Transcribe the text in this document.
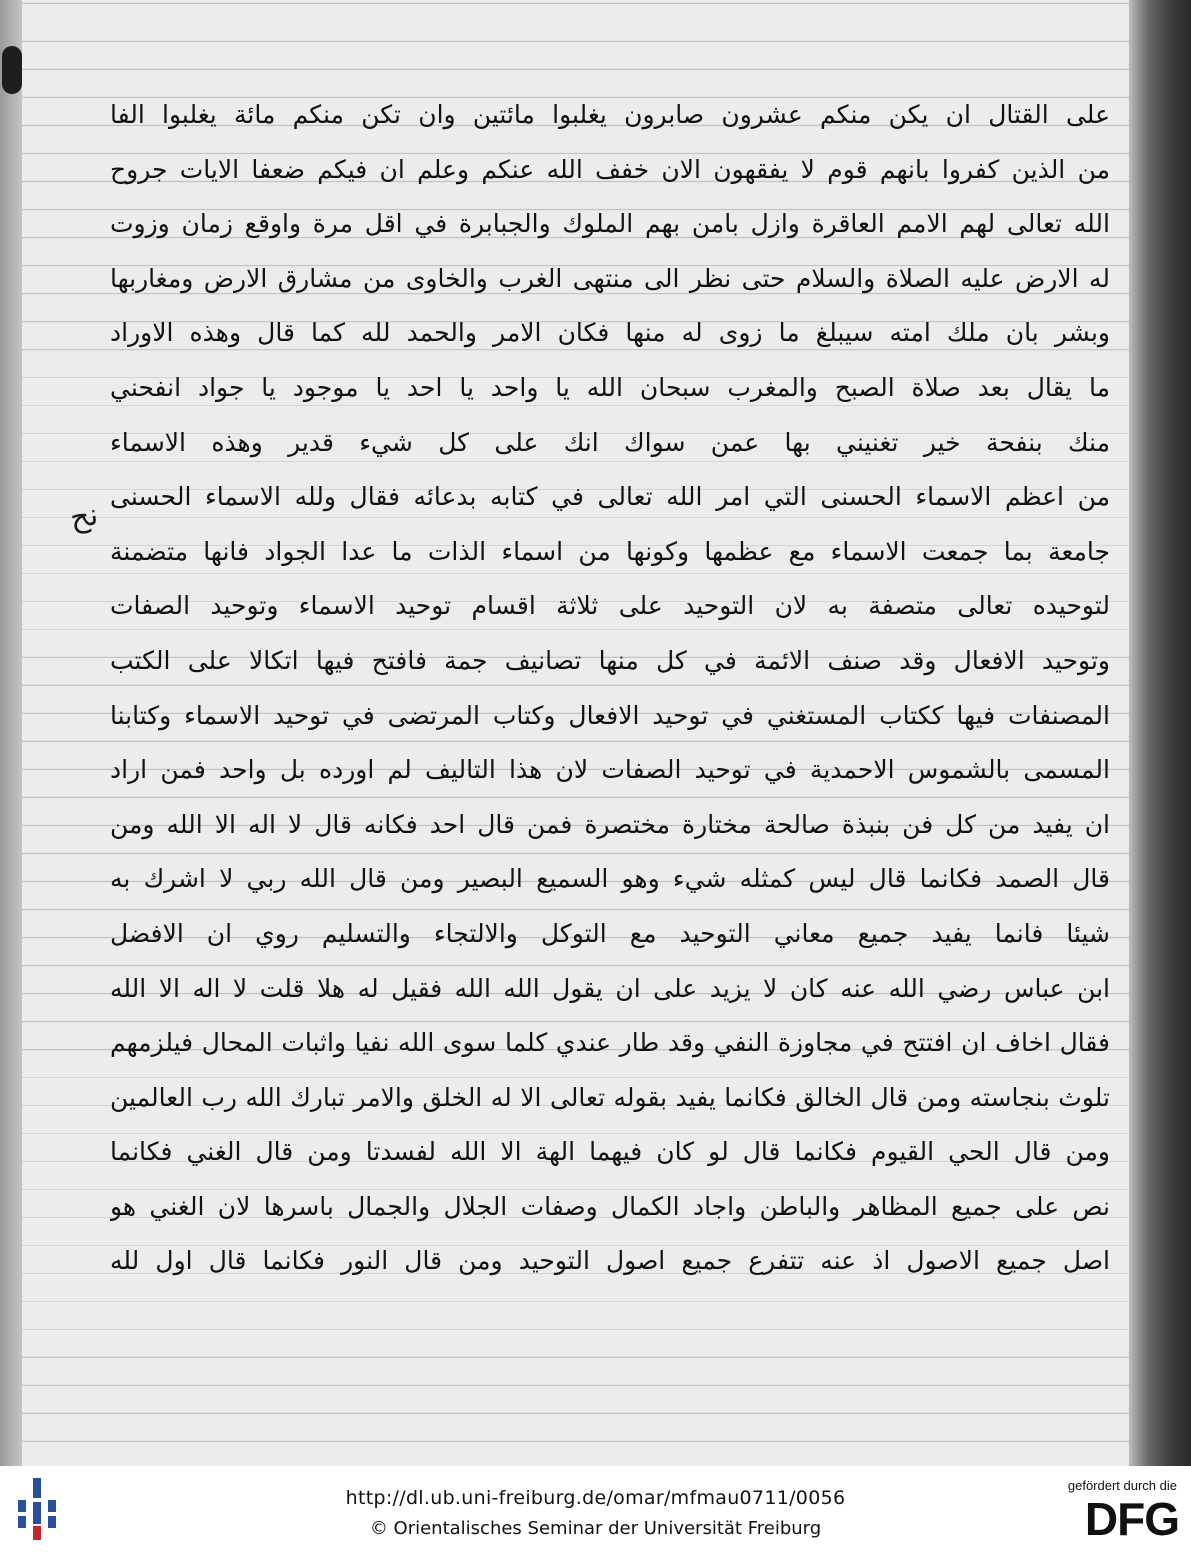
نح
على القتال ان يكن منكم عشرون صابرون يغلبوا مائتين وان تكن منكم مائة يغلبوا الفا
من الذين كفروا بانهم قوم لا يفقهون الان خفف الله عنكم وعلم ان فيكم ضعفا الايات جروح
الله تعالى لهم الامم العاقرة وازل بامن بهم الملوك والجبابرة في اقل مرة واوقع زمان وزوت
له الارض عليه الصلاة والسلام حتى نظر الى منتهى الغرب والخاوى من مشارق الارض ومغاربها
وبشر بان ملك امته سيبلغ ما زوى له منها فكان الامر والحمد لله كما قال وهذه الاوراد
ما يقال بعد صلاة الصبح والمغرب سبحان الله يا واحد يا احد يا موجود يا جواد انفحني
منك بنفحة خير تغنيني بها عمن سواك انك على كل شيء قدير وهذه الاسماء
من اعظم الاسماء الحسنى التي امر الله تعالى في كتابه بدعائه فقال ولله الاسماء الحسنى
جامعة بما جمعت الاسماء مع عظمها وكونها من اسماء الذات ما عدا الجواد فانها متضمنة
لتوحيده تعالى متصفة به لان التوحيد على ثلاثة اقسام توحيد الاسماء وتوحيد الصفات
وتوحيد الافعال وقد صنف الائمة في كل منها تصانيف جمة فافتح فيها اتكالا على الكتب
المصنفات فيها ككتاب المستغني في توحيد الافعال وكتاب المرتضى في توحيد الاسماء وكتابنا
المسمى بالشموس الاحمدية في توحيد الصفات لان هذا التاليف لم اورده بل واحد فمن اراد
ان يفيد من كل فن بنبذة صالحة مختارة مختصرة فمن قال احد فكانه قال لا اله الا الله ومن
قال الصمد فكانما قال ليس كمثله شيء وهو السميع البصير ومن قال الله ربي لا اشرك به
شيئا فانما يفيد جميع معاني التوحيد مع التوكل والالتجاء والتسليم روي ان الافضل
ابن عباس رضي الله عنه كان لا يزيد على ان يقول الله الله فقيل له هلا قلت لا اله الا الله
فقال اخاف ان افتتح في مجاوزة النفي وقد طار عندي كلما سوى الله نفيا واثبات المحال فيلزمهم
تلوث بنجاسته ومن قال الخالق فكانما يفيد بقوله تعالى الا له الخلق والامر تبارك الله رب العالمين
ومن قال الحي القيوم فكانما قال لو كان فيهما الهة الا الله لفسدتا ومن قال الغني فكانما
نص على جميع المظاهر والباطن واجاد الكمال وصفات الجلال والجمال باسرها لان الغني هو
اصل جميع الاصول اذ عنه تتفرع جميع اصول التوحيد ومن قال النور فكانما قال اول لله
http://dl.ub.uni-freiburg.de/omar/mfmau0711/0056
© Orientalisches Seminar der Universität Freiburg
gefördert durch die
DFG
